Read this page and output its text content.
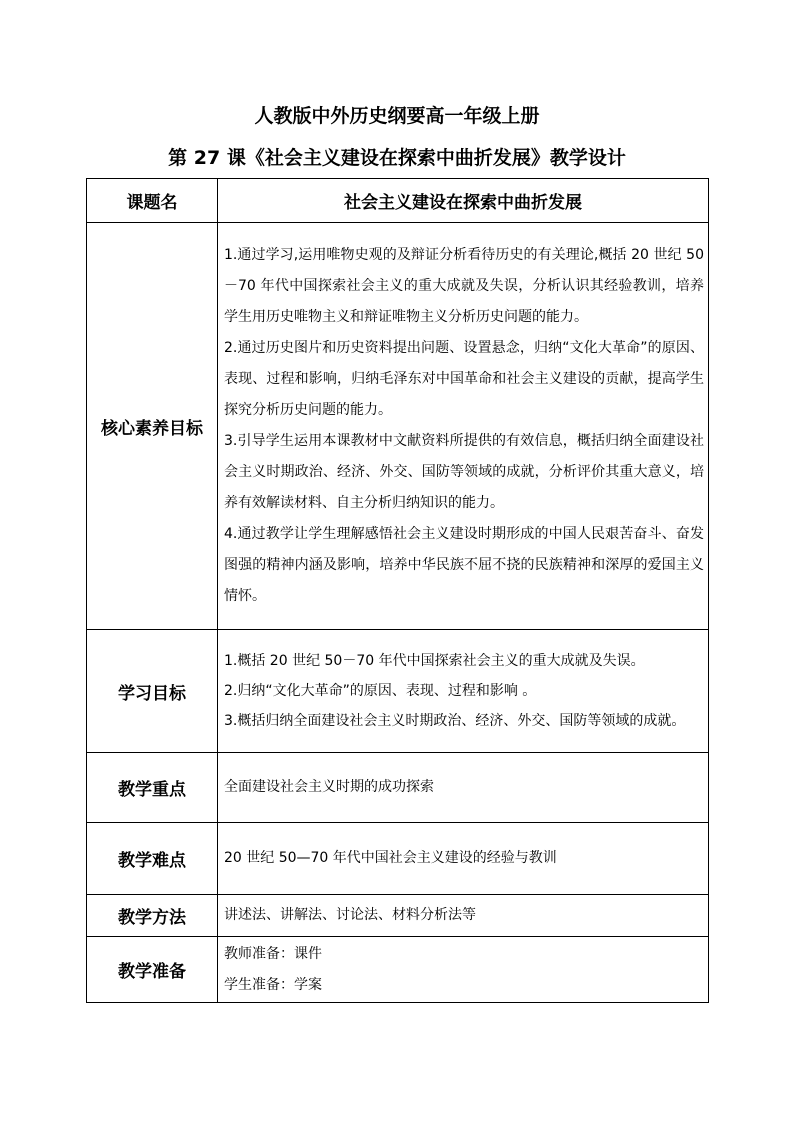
人教版中外历史纲要高一年级上册
第 27 课《社会主义建设在探索中曲折发展》教学设计
课题名	社会主义建设在探索中曲折发展
核心素养目标	1.通过学习,运用唯物史观的及辩证分析看待历史的有关理论,概括 20 世纪 50－70 年代中国探索社会主义的重大成就及失误，分析认识其经验教训，培养学生用历史唯物主义和辩证唯物主义分析历史问题的能力。

2.通过历史图片和历史资料提出问题、设置悬念，归纳“文化大革命”的原因、表现、过程和影响，归纳毛泽东对中国革命和社会主义建设的贡献，提高学生探究分析历史问题的能力。

3.引导学生运用本课教材中文献资料所提供的有效信息，概括归纳全面建设社会主义时期政治、经济、外交、国防等领域的成就，分析评价其重大意义，培养有效解读材料、自主分析归纳知识的能力。

4.通过教学让学生理解感悟社会主义建设时期形成的中国人民艰苦奋斗、奋发图强的精神内涵及影响，培养中华民族不屈不挠的民族精神和深厚的爱国主义情怀。

学习目标	1.概括 20 世纪 50－70 年代中国探索社会主义的重大成就及失误。

2.归纳“文化大革命”的原因、表现、过程和影响 。

3.概括归纳全面建设社会主义时期政治、经济、外交、国防等领域的成就。

教学重点	全面建设社会主义时期的成功探索
教学难点	20 世纪 50—70 年代中国社会主义建设的经验与教训
教学方法	讲述法、讲解法、讨论法、材料分析法等
教学准备	教师准备：课件

学生准备：学案
